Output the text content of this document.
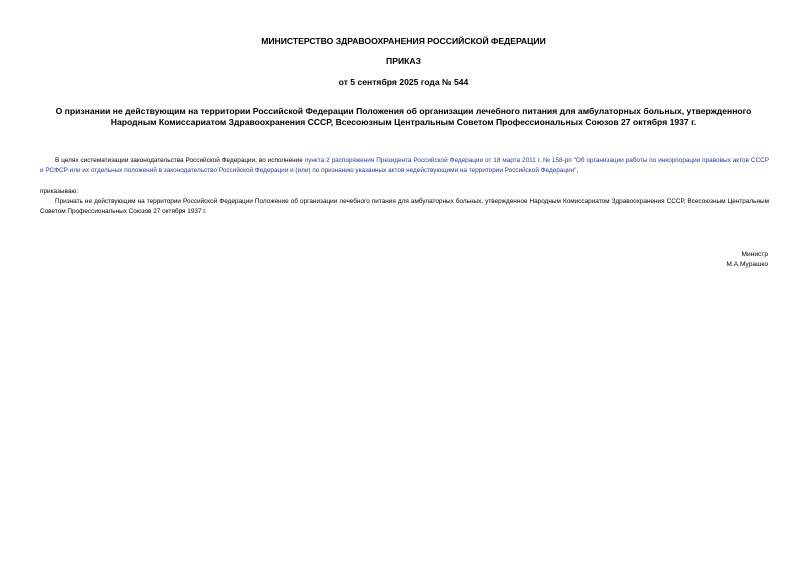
МИНИСТЕРСТВО ЗДРАВООХРАНЕНИЯ РОССИЙСКОЙ ФЕДЕРАЦИИ
ПРИКАЗ
от 5 сентября 2025 года № 544
О признании не действующим на территории Российской Федерации Положения об организации лечебного питания для амбулаторных больных, утвержденного Народным Комиссариатом Здравоохранения СССР, Всесоюзным Центральным Советом Профессиональных Союзов 27 октября 1937 г.
В целях систематизации законодательства Российской Федерации, во исполнение пункта 2 распоряжения Президента Российской Федерации от 18 марта 2011 г. № 158-рп "Об организации работы по инкорпорации правовых актов СССР и РСФСР или их отдельных положений в законодательство Российской Федерации и (или) по признанию указанных актов недействующими на территории Российской Федерации",
приказываю:
Признать не действующим на территории Российской Федерации Положение об организации лечебного питания для амбулаторных больных, утвержденное Народным Комиссариатом Здравоохранения СССР, Всесоюзным Центральным Советом Профессиональных Союзов 27 октября 1937 г.
Министр
М.А.Мурашко
